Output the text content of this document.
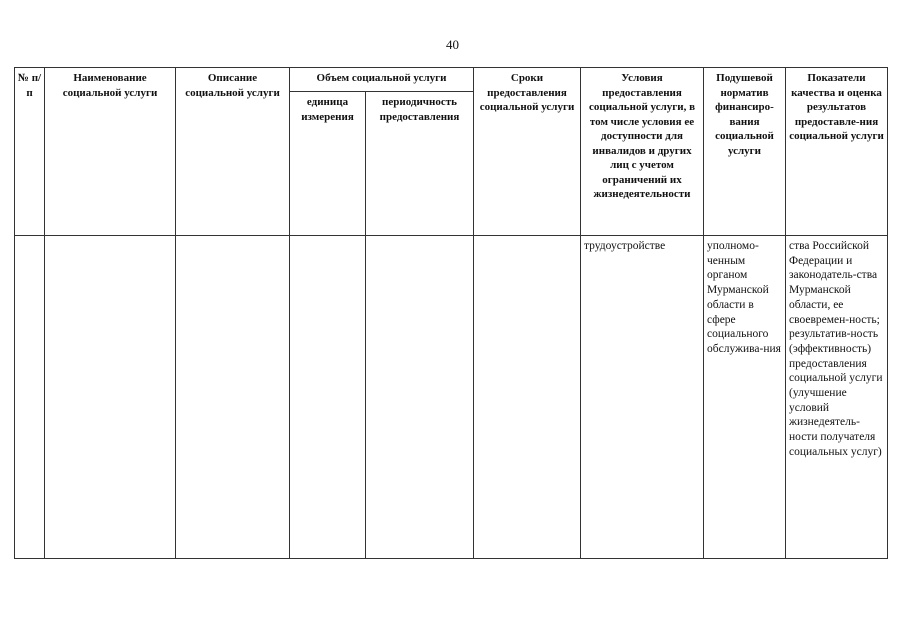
40
№ п/п	Наименование социальной услуги	Описание социальной услуги	Объем социальной услуги		Сроки предоставления социальной услуги	Условия предоставления социальной услуги, в том числе условия ее доступности для инвалидов и других лиц с учетом ограничений их жизнедеятельности	Подушевой норматив финансиро-вания социальной услуги	Показатели качества и оценка результатов предоставле-ния социальной услуги
			единица измерения	периодичность предоставления				
						трудоустройстве	уполномо-ченным органом Мурманской области в сфере социального обслужива-ния	ства Российской Федерации и законодатель-ства Мурманской области, ее своевремен-ность; результатив-ность (эффективность) предоставления социальной услуги (улучшение условий жизнедеятель-ности получателя социальных услуг)
